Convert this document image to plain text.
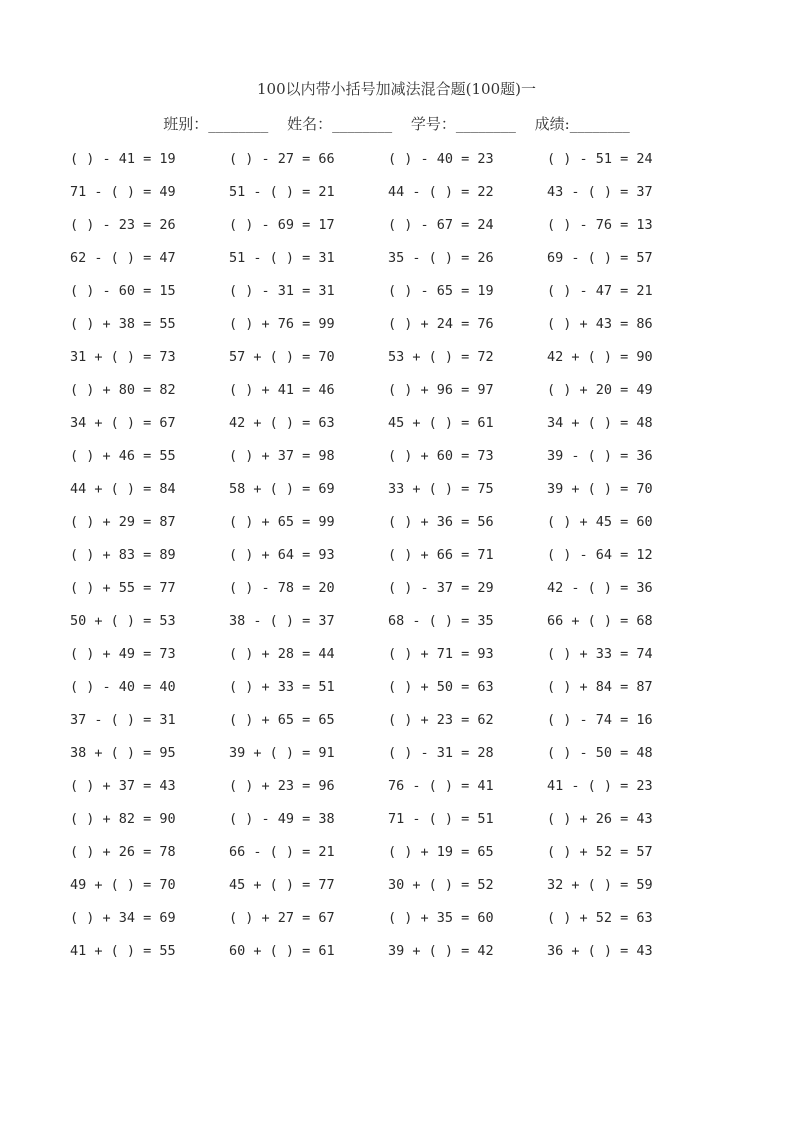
100以内带小括号加减法混合题(100题)一
班别：________ 姓名：________ 学号：________ 成绩:________
( ) - 41 = 19	( ) - 27 = 66	( ) - 40 = 23	( ) - 51 = 24
71 - ( ) = 49	51 - ( ) = 21	44 - ( ) = 22	43 - ( ) = 37
( ) - 23 = 26	( ) - 69 = 17	( ) - 67 = 24	( ) - 76 = 13
62 - ( ) = 47	51 - ( ) = 31	35 - ( ) = 26	69 - ( ) = 57
( ) - 60 = 15	( ) - 31 = 31	( ) - 65 = 19	( ) - 47 = 21
( ) + 38 = 55	( ) + 76 = 99	( ) + 24 = 76	( ) + 43 = 86
31 + ( ) = 73	57 + ( ) = 70	53 + ( ) = 72	42 + ( ) = 90
( ) + 80 = 82	( ) + 41 = 46	( ) + 96 = 97	( ) + 20 = 49
34 + ( ) = 67	42 + ( ) = 63	45 + ( ) = 61	34 + ( ) = 48
( ) + 46 = 55	( ) + 37 = 98	( ) + 60 = 73	39 - ( ) = 36
44 + ( ) = 84	58 + ( ) = 69	33 + ( ) = 75	39 + ( ) = 70
( ) + 29 = 87	( ) + 65 = 99	( ) + 36 = 56	( ) + 45 = 60
( ) + 83 = 89	( ) + 64 = 93	( ) + 66 = 71	( ) - 64 = 12
( ) + 55 = 77	( ) - 78 = 20	( ) - 37 = 29	42 - ( ) = 36
50 + ( ) = 53	38 - ( ) = 37	68 - ( ) = 35	66 + ( ) = 68
( ) + 49 = 73	( ) + 28 = 44	( ) + 71 = 93	( ) + 33 = 74
( ) - 40 = 40	( ) + 33 = 51	( ) + 50 = 63	( ) + 84 = 87
37 - ( ) = 31	( ) + 65 = 65	( ) + 23 = 62	( ) - 74 = 16
38 + ( ) = 95	39 + ( ) = 91	( ) - 31 = 28	( ) - 50 = 48
( ) + 37 = 43	( ) + 23 = 96	76 - ( ) = 41	41 - ( ) = 23
( ) + 82 = 90	( ) - 49 = 38	71 - ( ) = 51	( ) + 26 = 43
( ) + 26 = 78	66 - ( ) = 21	( ) + 19 = 65	( ) + 52 = 57
49 + ( ) = 70	45 + ( ) = 77	30 + ( ) = 52	32 + ( ) = 59
( ) + 34 = 69	( ) + 27 = 67	( ) + 35 = 60	( ) + 52 = 63
41 + ( ) = 55	60 + ( ) = 61	39 + ( ) = 42	36 + ( ) = 43
